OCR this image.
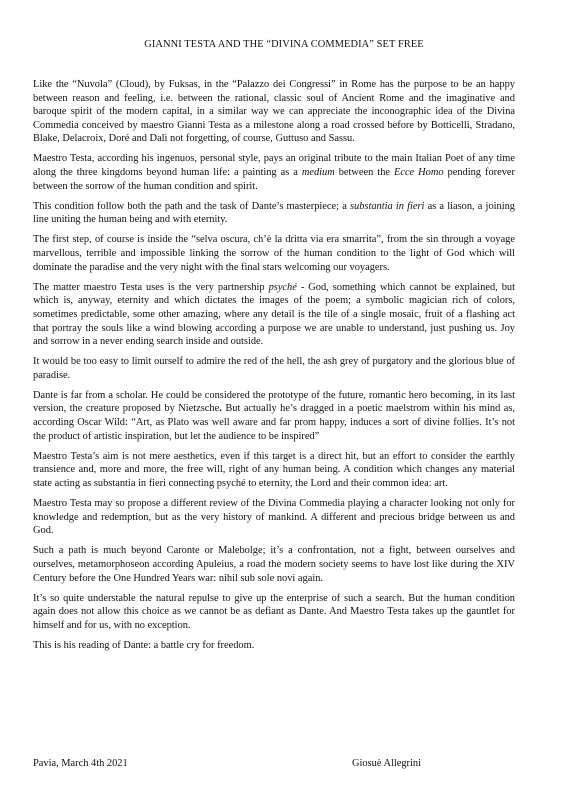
GIANNI TESTA AND THE “DIVINA COMMEDIA” SET FREE

Like the “Nuvola” (Cloud), by Fuksas, in the “Palazzo dei Congressi” in Rome has the purpose to be an happy between reason and feeling, i.e. between the rational, classic soul of Ancient Rome and the imaginative and baroque spirit of the modern capital, in a similar way we can appreciate the inconographic idea of the Divina Commedia conceived by maestro Gianni Testa as a milestone along a road crossed before by Botticelli, Stradano, Blake, Delacroix, Doré and Dalì not forgetting, of course, Guttuso and Sassu.

Maestro Testa, according his ingenuos, personal style, pays an original tribute to the main Italian Poet of any time along the three kingdoms beyond human life: a painting as a medium between the Ecce Homo pending forever between the sorrow of the human condition and spirit.

This condition follow both the path and the task of Dante’s masterpiece; a substantia in fieri as a liason, a joining line uniting the human being and with eternity.

The first step, of course is inside the “selva oscura, ch’è la dritta via era smarrita”, from the sin through a voyage marvellous, terrible and impossible linking the sorrow of the human condition to the light of God which will dominate the paradise and the very night with the final stars welcoming our voyagers.

The matter maestro Testa uses is the very partnership psyché - God, something which cannot be explained, but which is, anyway, eternity and which dictates the images of the poem; a symbolic magician rich of colors, sometimes predictable, some other amazing, where any detail is the tile of a single mosaic, fruit of a flashing act that portray the souls like a wind blowing according a purpose we are unable to understand, just pushing us. Joy and sorrow in a never ending search inside and outside.

It would be too easy to limit ourself to admire the red of the hell, the ash grey of purgatory and the glorious blue of paradise.

Dante is far from a scholar. He could be considered the prototype of the future, romantic hero becoming, in its last version, the creature proposed by Nietzsche. But actually he’s dragged in a poetic maelstrom within his mind as, according Oscar Wild: “Art, as Plato was well aware and far prom happy, induces a sort of divine follies. It’s not the product of artistic inspiration, but let the audience to be inspired”

Maestro Testa’s aim is not mere aesthetics, even if this target is a direct hit, but an effort to consider the earthly transience and, more and more, the free will, right of any human being. A condition which changes any material state acting as substantia in fieri connecting psyché to eternity, the Lord and their common idea: art.

Maestro Testa may so propose a different review of the Divina Commedia playing a character looking not only for knowledge and redemption, but as the very history of mankind. A different and precious bridge between us and God.

Such a path is much beyond Caronte or Malebolge; it’s a confrontation, not a fight, between ourselves and ourselves, metamorphoseon according Apuleius, a road the modern society seems to have lost like during the XIV Century before the One Hundred Years war: nihil sub sole novi again.

It’s so quite understable the natural repulse to give up the enterprise of such a search. But the human condition again does not allow this choice as we cannot be as defiant as Dante. And Maestro Testa takes up the gauntlet for himself and for us, with no exception.

This is his reading of Dante: a battle cry for freedom.

Pavia, March 4th 2021	Giosuè Allegrini
